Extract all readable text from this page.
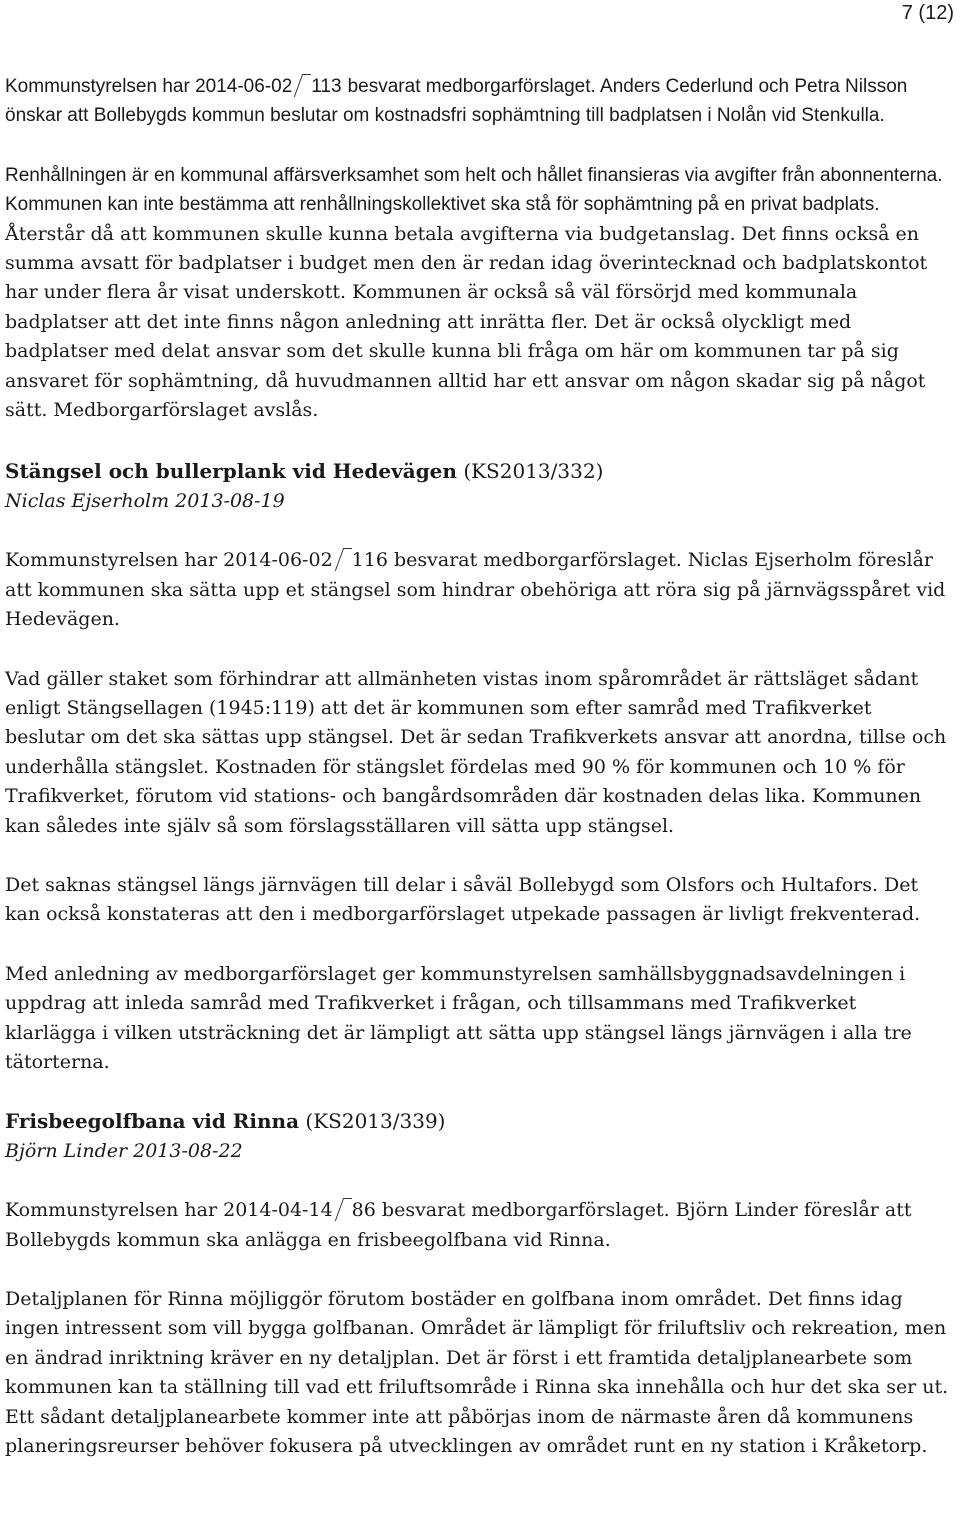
7 (12)

Kommunstyrelsen har 2014-06-02 113 besvarat medborgarförslaget. Anders Cederlund och Petra Nilsson önskar att Bollebygds kommun beslutar om kostnadsfri sophämtning till badplatsen i Nolån vid Stenkulla.

Renhållningen är en kommunal affärsverksamhet som helt och hållet finansieras via avgifter från abonnenterna. Kommunen kan inte bestämma att renhållningskollektivet ska stå för sophämtning på en privat badplats. Återstår då att kommunen skulle kunna betala avgifterna via budgetanslag. Det finns också en summa avsatt för badplatser i budget men den är redan idag överintecknad och badplatskontot har under flera år visat underskott. Kommunen är också så väl försörjd med kommunala badplatser att det inte finns någon anledning att inrätta fler. Det är också olyckligt med badplatser med delat ansvar som det skulle kunna bli fråga om här om kommunen tar på sig ansvaret för sophämtning, då huvudmannen alltid har ett ansvar om någon skadar sig på något sätt. Medborgarförslaget avslås.

Stängsel och bullerplank vid Hedevägen (KS2013/332)

Niclas Ejserholm 2013-08-19

Kommunstyrelsen har 2014-06-02 116 besvarat medborgarförslaget. Niclas Ejserholm föreslår att kommunen ska sätta upp et stängsel som hindrar obehöriga att röra sig på järnvägsspåret vid Hedevägen.

Vad gäller staket som förhindrar att allmänheten vistas inom spårområdet är rättsläget sådant enligt Stängsellagen (1945:119) att det är kommunen som efter samråd med Trafikverket beslutar om det ska sättas upp stängsel. Det är sedan Trafikverkets ansvar att anordna, tillse och underhålla stängslet. Kostnaden för stängslet fördelas med 90 % för kommunen och 10 % för Trafikverket, förutom vid stations- och bangårdsområden där kostnaden delas lika. Kommunen kan således inte själv så som förslagsställaren vill sätta upp stängsel.

Det saknas stängsel längs järnvägen till delar i såväl Bollebygd som Olsfors och Hultafors. Det kan också konstateras att den i medborgarförslaget utpekade passagen är livligt frekventerad.

Med anledning av medborgarförslaget ger kommunstyrelsen samhällsbyggnadsavdelningen i uppdrag att inleda samråd med Trafikverket i frågan, och tillsammans med Trafikverket klarlägga i vilken utsträckning det är lämpligt att sätta upp stängsel längs järnvägen i alla tre tätorterna.

Frisbeegolfbana vid Rinna (KS2013/339)

Björn Linder 2013-08-22

Kommunstyrelsen har 2014-04-14 86 besvarat medborgarförslaget. Björn Linder föreslår att Bollebygds kommun ska anlägga en frisbeegolfbana vid Rinna.

Detaljplanen för Rinna möjliggör förutom bostäder en golfbana inom området. Det finns idag ingen intressent som vill bygga golfbanan. Området är lämpligt för friluftsliv och rekreation, men en ändrad inriktning kräver en ny detaljplan. Det är först i ett framtida detaljplanearbete som kommunen kan ta ställning till vad ett friluftsområde i Rinna ska innehålla och hur det ska ser ut. Ett sådant detaljplanearbete kommer inte att påbörjas inom de närmaste åren då kommunens planeringsreurser behöver fokusera på utvecklingen av området runt en ny station i Kråketorp.
